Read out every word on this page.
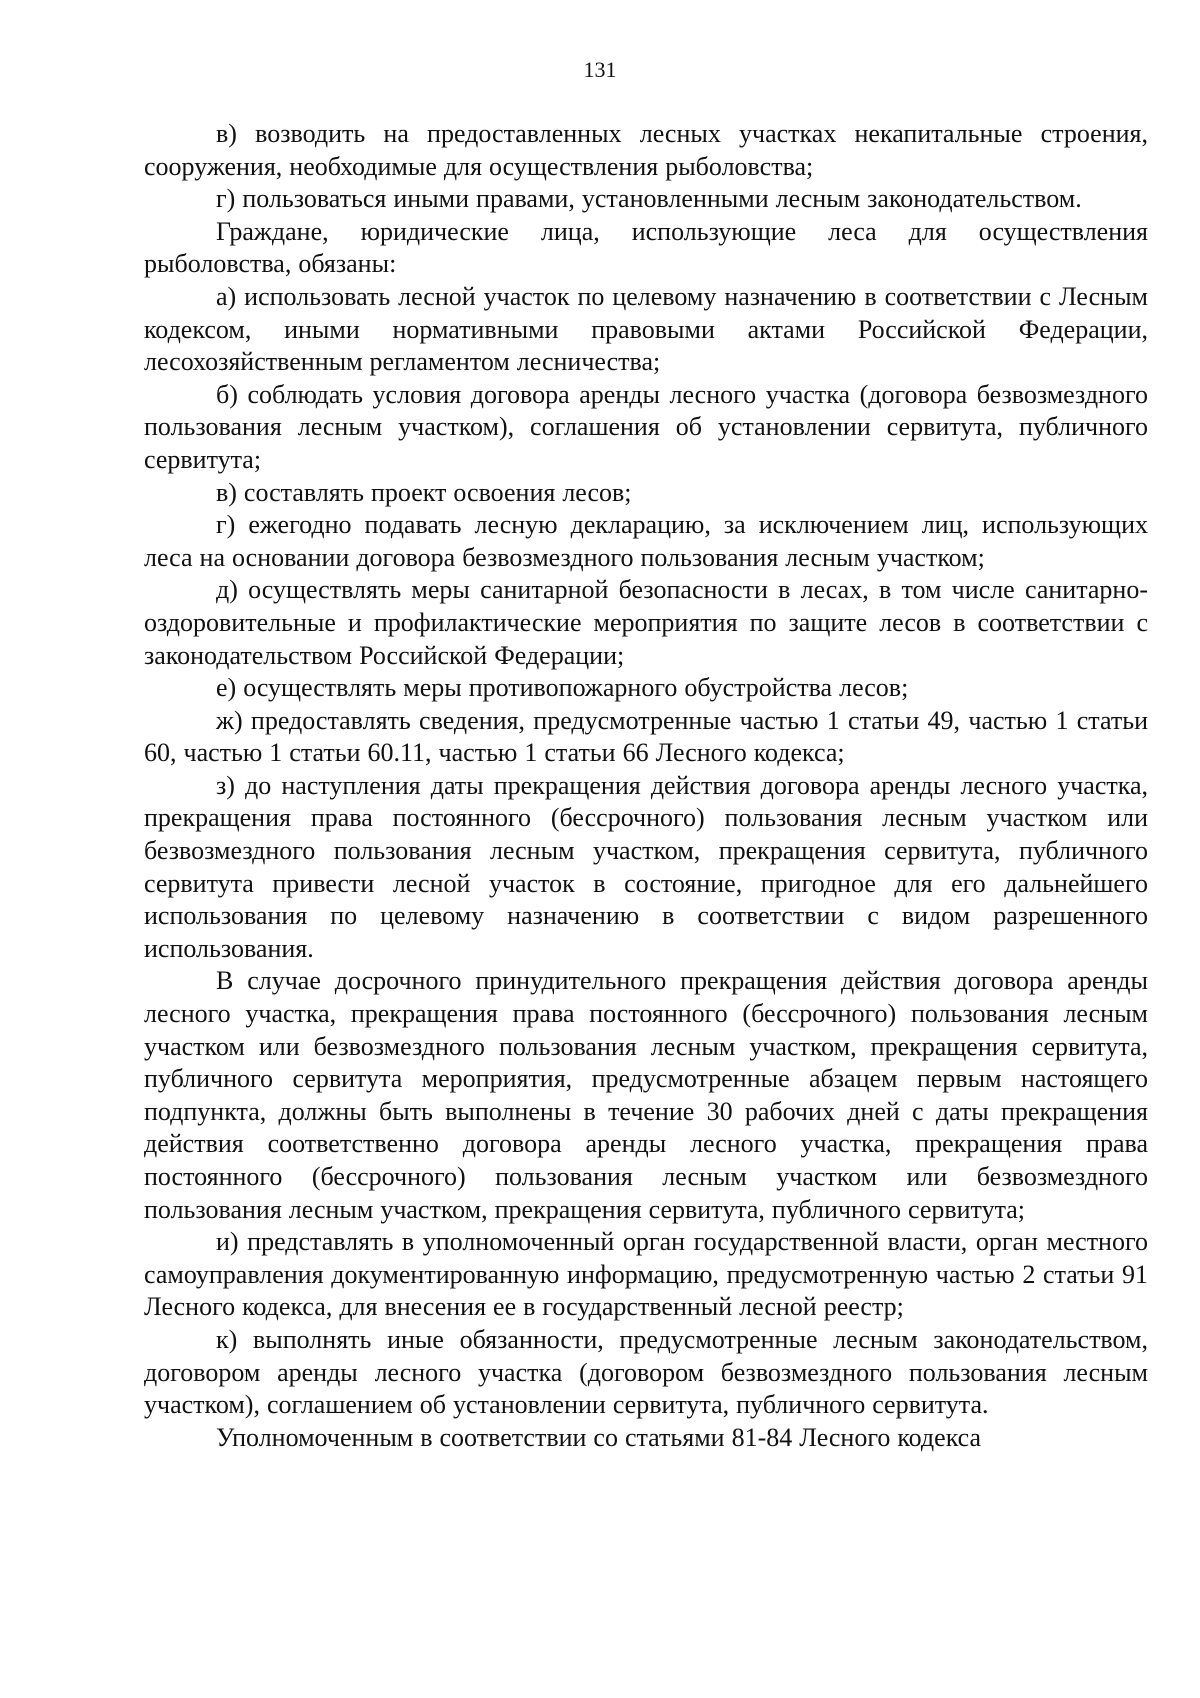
131

в) возводить на предоставленных лесных участках некапитальные строения, сооружения, необходимые для осуществления рыболовства;

г) пользоваться иными правами, установленными лесным законодательством.

Граждане, юридические лица, использующие леса для осуществления рыболовства, обязаны:

а) использовать лесной участок по целевому назначению в соответствии с Лесным кодексом, иными нормативными правовыми актами Российской Федерации, лесохозяйственным регламентом лесничества;

б) соблюдать условия договора аренды лесного участка (договора безвозмездного пользования лесным участком), соглашения об установлении сервитута, публичного сервитута;

в) составлять проект освоения лесов;

г) ежегодно подавать лесную декларацию, за исключением лиц, использующих леса на основании договора безвозмездного пользования лесным участком;

д) осуществлять меры санитарной безопасности в лесах, в том числе санитарно-оздоровительные и профилактические мероприятия по защите лесов в соответствии с законодательством Российской Федерации;

е) осуществлять меры противопожарного обустройства лесов;

ж) предоставлять сведения, предусмотренные частью 1 статьи 49, частью 1 статьи 60, частью 1 статьи 60.11, частью 1 статьи 66 Лесного кодекса;

з) до наступления даты прекращения действия договора аренды лесного участка, прекращения права постоянного (бессрочного) пользования лесным участком или безвозмездного пользования лесным участком, прекращения сервитута, публичного сервитута привести лесной участок в состояние, пригодное для его дальнейшего использования по целевому назначению в соответствии с видом разрешенного использования.

В случае досрочного принудительного прекращения действия договора аренды лесного участка, прекращения права постоянного (бессрочного) пользования лесным участком или безвозмездного пользования лесным участком, прекращения сервитута, публичного сервитута мероприятия, предусмотренные абзацем первым настоящего подпункта, должны быть выполнены в течение 30 рабочих дней с даты прекращения действия соответственно договора аренды лесного участка, прекращения права постоянного (бессрочного) пользования лесным участком или безвозмездного пользования лесным участком, прекращения сервитута, публичного сервитута;

и) представлять в уполномоченный орган государственной власти, орган местного самоуправления документированную информацию, предусмотренную частью 2 статьи 91 Лесного кодекса, для внесения ее в государственный лесной реестр;

к) выполнять иные обязанности, предусмотренные лесным законодательством, договором аренды лесного участка (договором безвозмездного пользования лесным участком), соглашением об установлении сервитута, публичного сервитута.

Уполномоченным в соответствии со статьями 81-84 Лесного кодекса
